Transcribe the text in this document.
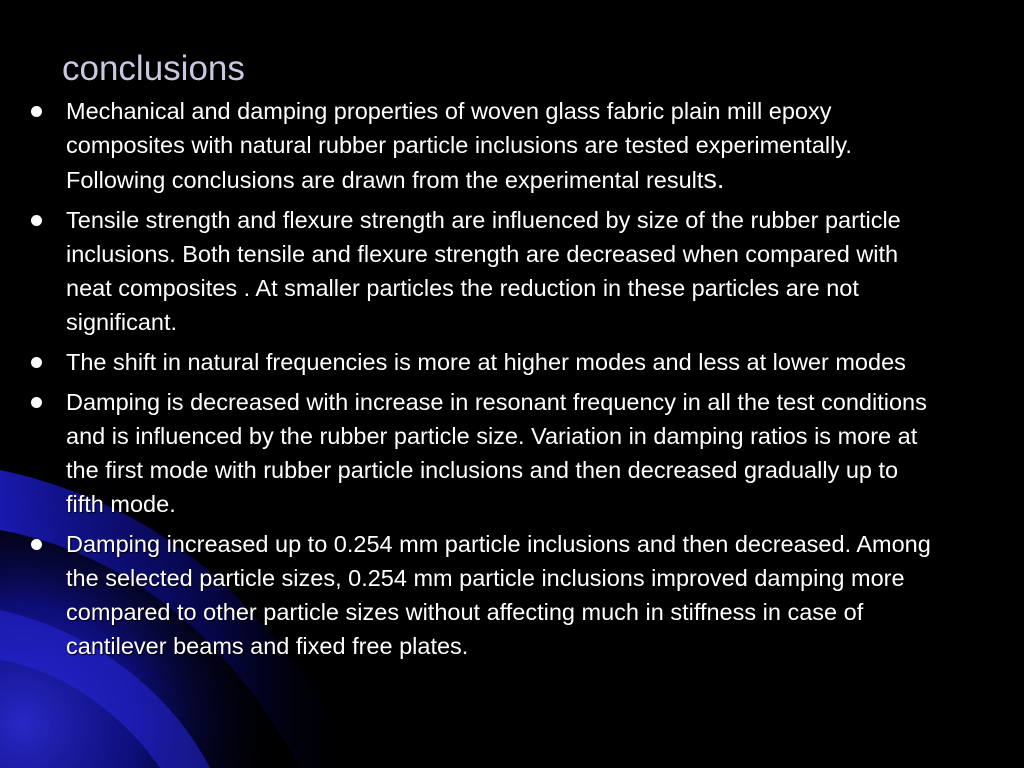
conclusions
Mechanical and damping properties of woven glass fabric plain mill epoxy composites with natural rubber particle inclusions are tested experimentally. Following conclusions are drawn from the experimental results.
Tensile strength and flexure strength are influenced by size of the rubber particle inclusions. Both tensile and flexure strength are decreased when compared with neat composites . At smaller particles the reduction in these particles are not significant.
The shift in natural frequencies is more at higher modes and less at lower modes
Damping is decreased with increase in resonant frequency in all the test conditions and is influenced by the rubber particle size. Variation in damping ratios is more at the first mode with rubber particle inclusions and then decreased gradually up to fifth mode.
Damping increased up to 0.254 mm particle inclusions and then decreased. Among the selected particle sizes, 0.254 mm particle inclusions improved damping more compared to other particle sizes without affecting much in stiffness in case of cantilever beams and fixed free plates.
